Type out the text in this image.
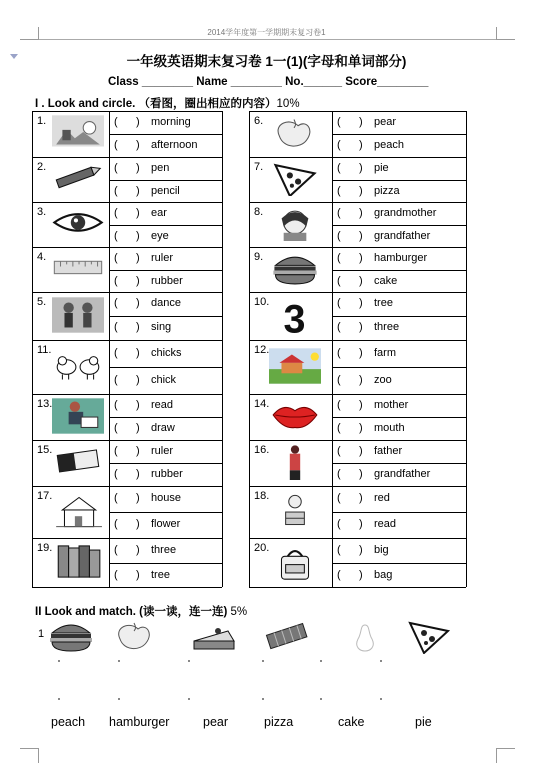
2014学年度第一学期期末复习卷1
一年级英语期末复习卷 1一(1)(字母和单词部分)
Class ________ Name ________ No.______ Score________
I . Look and circle. （看图，圈出相应的内容）10%
1.	(      ) morning
(      ) afternoon
6.	(      ) pear
(      ) peach
2.	(      ) pen
(      ) pencil
7.	(      ) pie
(      ) pizza
3.	(      ) ear
(      ) eye
8.	(      ) grandmother
(      ) grandfather
4.	(      ) ruler
(      ) rubber
9.	(      ) hamburger
(      ) cake
5.	(      ) dance
(      ) sing
10. 3	(      ) tree
(      ) three
11.	(      ) chicks
(      ) chick
12.	(      ) farm
(      ) zoo
13.	(      ) read
(      ) draw
14.	(      ) mother
(      ) mouth
15.	(      ) ruler
(      ) rubber
16.	(      ) father
(      ) grandfather
17.	(      ) house
(      ) flower
18.	(      ) red
(      ) read
19.	(      ) three
(      ) tree
20.	(      ) big
(      ) bag
II Look and match. (读一读，连一连) 5%
1
peach hamburger	pear	pizza	cake	pie
